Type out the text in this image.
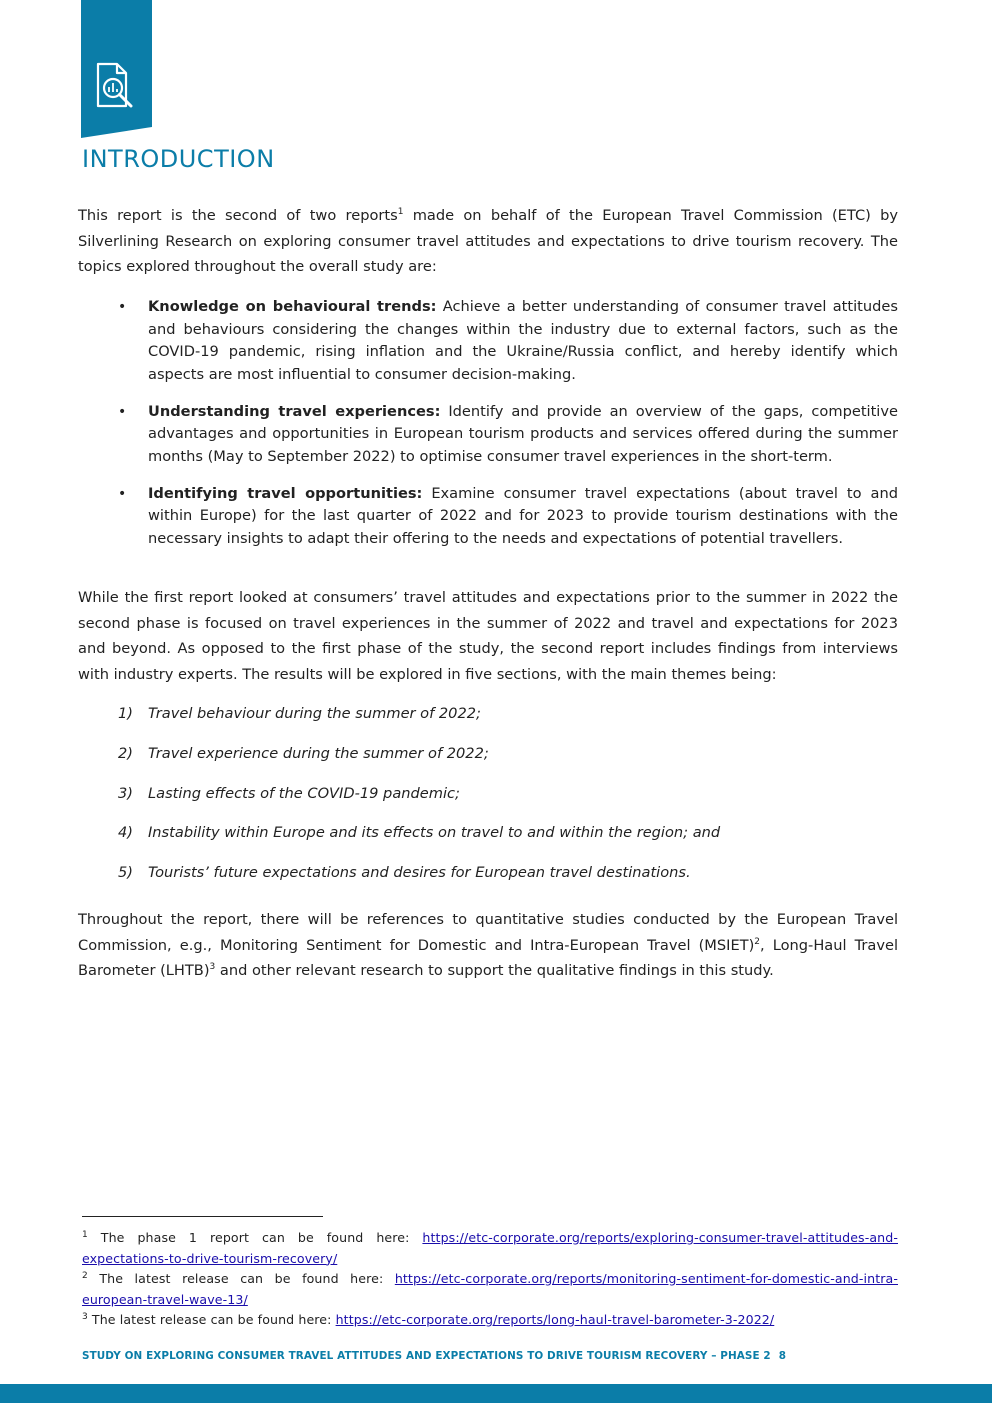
INTRODUCTION

This report is the second of two reports$^1$ made on behalf of the European Travel Commission (ETC) by Silverlining Research on exploring consumer travel attitudes and expectations to drive tourism recovery. The topics explored throughout the overall study are:

• Knowledge on behavioural trends: Achieve a better understanding of consumer travel attitudes and behaviours considering the changes within the industry due to external factors, such as the COVID-19 pandemic, rising inflation and the Ukraine/Russia conflict, and hereby identify which aspects are most influential to consumer decision-making.
• Understanding travel experiences: Identify and provide an overview of the gaps, competitive advantages and opportunities in European tourism products and services offered during the summer months (May to September 2022) to optimise consumer travel experiences in the short-term.
• Identifying travel opportunities: Examine consumer travel expectations (about travel to and within Europe) for the last quarter of 2022 and for 2023 to provide tourism destinations with the necessary insights to adapt their offering to the needs and expectations of potential travellers.

While the first report looked at consumers’ travel attitudes and expectations prior to the summer in 2022 the second phase is focused on travel experiences in the summer of 2022 and travel and expectations for 2023 and beyond. As opposed to the first phase of the study, the second report includes findings from interviews with industry experts. The results will be explored in five sections, with the main themes being:

1)	Travel behaviour during the summer of 2022;
2)	Travel experience during the summer of 2022;
3)	Lasting effects of the COVID-19 pandemic;
4)	Instability within Europe and its effects on travel to and within the region; and
5)	Tourists’ future expectations and desires for European travel destinations.

Throughout the report, there will be references to quantitative studies conducted by the European Travel Commission, e.g., Monitoring Sentiment for Domestic and Intra-European Travel (MSIET)$^2$, Long-Haul Travel Barometer (LHTB)$^3$ and other relevant research to support the qualitative findings in this study.

$^1$ The phase 1 report can be found here: https://etc-corporate.org/reports/exploring-consumer-travel-attitudes-and-expectations-to-drive-tourism-recovery/

$^2$ The latest release can be found here: https://etc-corporate.org/reports/monitoring-sentiment-for-domestic-and-intra-european-travel-wave-13/

$^3$ The latest release can be found here: https://etc-corporate.org/reports/long-haul-travel-barometer-3-2022/

STUDY ON EXPLORING CONSUMER TRAVEL ATTITUDES AND EXPECTATIONS TO DRIVE TOURISM RECOVERY – PHASE 2 8
